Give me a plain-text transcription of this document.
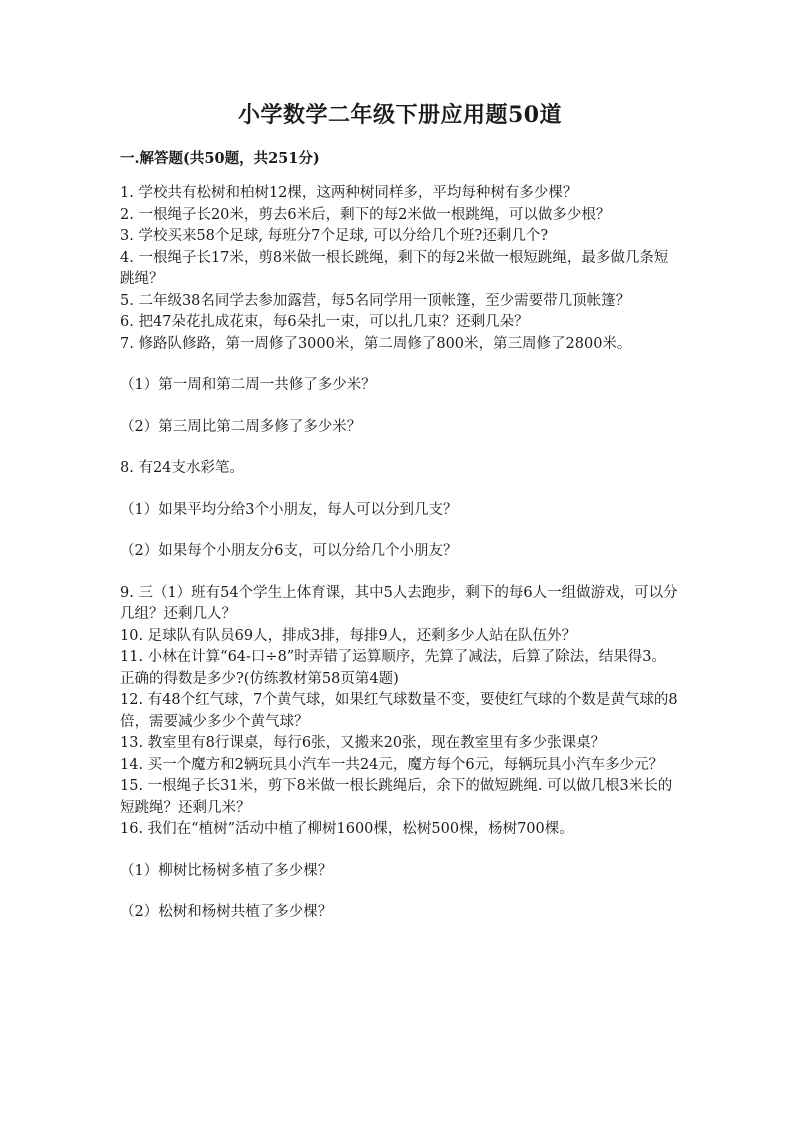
小学数学二年级下册应用题50道
一.解答题(共50题，共251分)

1. 学校共有松树和柏树12棵，这两种树同样多，平均每种树有多少棵？

2. 一根绳子长20米，剪去6米后，剩下的每2米做一根跳绳，可以做多少根？

3. 学校买来58个足球, 每班分7个足球, 可以分给几个班?还剩几个?

4. 一根绳子长17米，剪8米做一根长跳绳，剩下的每2米做一根短跳绳，最多做几条短跳绳？

5. 二年级38名同学去参加露营，每5名同学用一顶帐篷，至少需要带几顶帐篷？

6. 把47朵花扎成花束，每6朵扎一束，可以扎几束？还剩几朵？

7. 修路队修路，第一周修了3000米，第二周修了800米，第三周修了2800米。

（1）第一周和第二周一共修了多少米？

（2）第三周比第二周多修了多少米？

8. 有24支水彩笔。

（1）如果平均分给3个小朋友，每人可以分到几支？

（2）如果每个小朋友分6支，可以分给几个小朋友？

9. 三（1）班有54个学生上体育课，其中5人去跑步，剩下的每6人一组做游戏，可以分几组？还剩几人？

10. 足球队有队员69人，排成3排，每排9人，还剩多少人站在队伍外？

11. 小林在计算“64-口÷8”时弄错了运算顺序，先算了减法，后算了除法，结果得3。正确的得数是多少?(仿练教材第58页第4题)

12. 有48个红气球，7个黄气球，如果红气球数量不变，要使红气球的个数是黄气球的8倍，需要减少多少个黄气球？

13. 教室里有8行课桌，每行6张，又搬来20张，现在教室里有多少张课桌？

14. 买一个魔方和2辆玩具小汽车一共24元，魔方每个6元，每辆玩具小汽车多少元？

15. 一根绳子长31米，剪下8米做一根长跳绳后，余下的做短跳绳. 可以做几根3米长的短跳绳？还剩几米？

16. 我们在“植树”活动中植了柳树1600棵，松树500棵，杨树700棵。

（1）柳树比杨树多植了多少棵？

（2）松树和杨树共植了多少棵？
